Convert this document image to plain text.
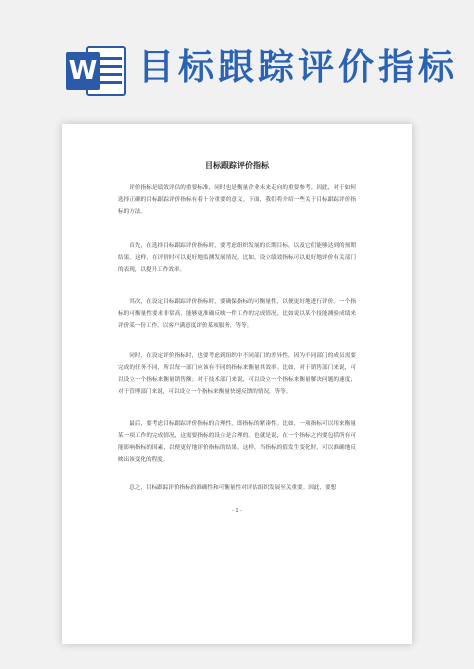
W 目标跟踪评价指标
目标跟踪评价指标

评价指标是绩效评估的重要标准，同时也是衡量企业未来走向的重要参考。因此，对于如何选择正确的目标跟踪评价指标有着十分重要的意义。下面，我们将介绍一些关于目标跟踪评价指标的方法。

首先，在选择目标跟踪评价指标时，要考虑组织发展的长期目标，以及它们能够达到的预期结果。这样，在评价时可以更好地监测发展情况。比如，设立绩效指标可以更好地评价有关部门的表现，以提升工作效率。

其次，在设定目标跟踪评价指标时，要确保指标的可衡量性，以便更好地进行评价。一个指标的可衡量性要求非常高，能够更准确反映一件工作的完成情况。比如说以某个技能测验成绩来评价某一份工作，以客户满意度评价某项服务，等等。

同时，在设定评价指标时，也要考虑到组织中不同部门的差异性，因为不同部门的成员需要完成的任务不同，所以每一部门应该有不同的指标来衡量其效率。比如，对于销售部门来说，可以设立一个指标来衡量销售额；对于技术部门来说，可以设立一个指标来衡量解决问题的速度；对于管理部门来说，可以设立一个指标来衡量快速反馈的情况，等等。

最后，要考虑目标跟踪评价指标的合理性，即指标的紧凑性。比如，一项指标可以用来衡量某一项工作的完成情况，这需要指标的设立是合理的。也就是说，在一个指标之内要包括所有可能影响指标的因素，以便更好地评价指标的结果。这样，当指标的值发生变化时，可以准确地反映出该变化的程度。

总之，目标跟踪评价指标的准确性和可衡量性对评估组织发展至关重要。因此，要想

- 1 -
